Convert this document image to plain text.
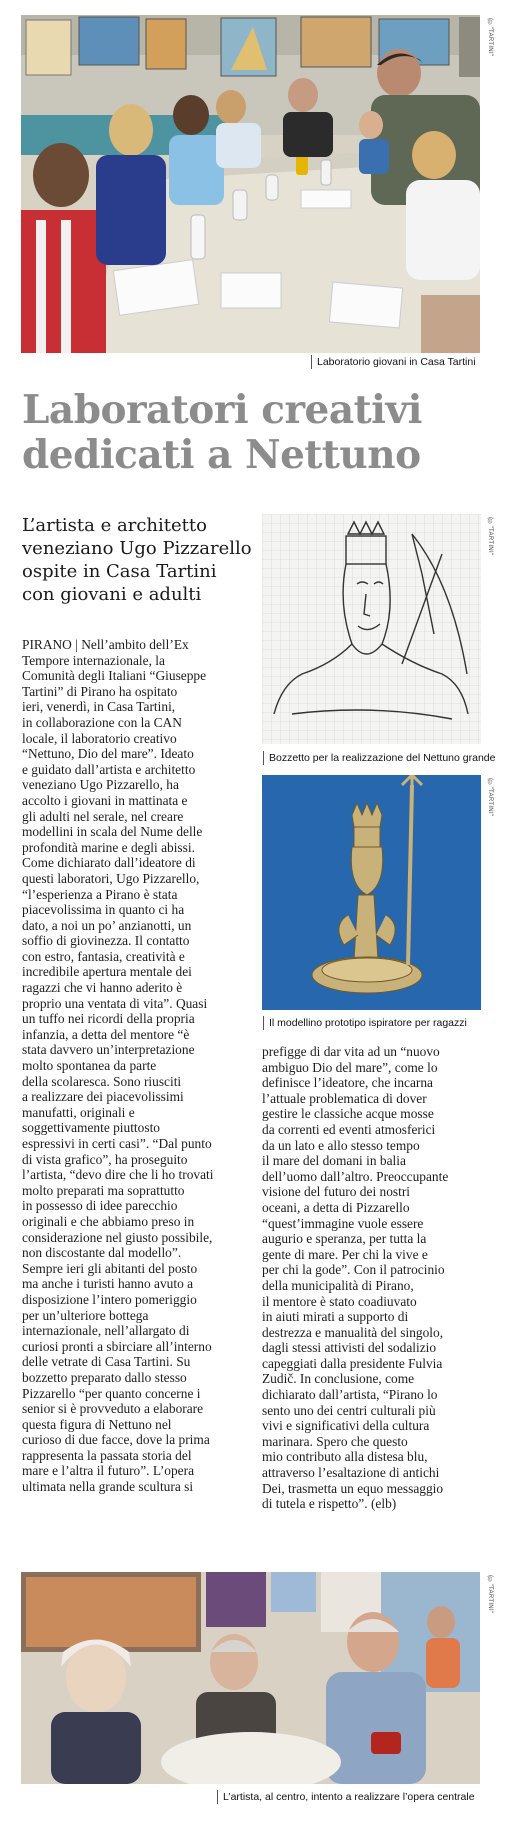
(©"TARTINI"
Laboratorio giovani in Casa Tartini
Laboratori creativi dedicati a Nettuno
L’artista e architetto veneziano Ugo Pizzarello ospite in Casa Tartini con giovani e adulti
(©"TARTINI"
Bozzetto per la realizzazione del Nettuno grande
(©"TARTINI"
Il modellino prototipo ispiratore per ragazzi

PIRANO | Nell’ambito dell’Ex

Tempore internazionale, la

Comunità degli Italiani “Giuseppe

Tartini” di Pirano ha ospitato

ieri, venerdì, in Casa Tartini,

in collaborazione con la CAN

locale, il laboratorio creativo

“Nettuno, Dio del mare”. Ideato

e guidato dall’artista e architetto

veneziano Ugo Pizzarello, ha

accolto i giovani in mattinata e

gli adulti nel serale, nel creare

modellini in scala del Nume delle

profondità marine e degli abissi.

Come dichiarato dall’ideatore di

questi laboratori, Ugo Pizzarello,

“l’esperienza a Pirano è stata

piacevolissima in quanto ci ha

dato, a noi un po’ anzianotti, un

soffio di giovinezza. Il contatto

con estro, fantasia, creatività e

incredibile apertura mentale dei

ragazzi che vi hanno aderito è

proprio una ventata di vita”. Quasi

un tuffo nei ricordi della propria

infanzia, a detta del mentore “è

stata davvero un’interpretazione

molto spontanea da parte

della scolaresca. Sono riusciti

a realizzare dei piacevolissimi

manufatti, originali e

soggettivamente piuttosto

espressivi in certi casi”. “Dal punto

di vista grafico”, ha proseguito

l’artista, “devo dire che li ho trovati

molto preparati ma soprattutto

in possesso di idee parecchio

originali e che abbiamo preso in

considerazione nel giusto possibile,

non discostante dal modello”.

Sempre ieri gli abitanti del posto

ma anche i turisti hanno avuto a

disposizione l’intero pomeriggio

per un’ulteriore bottega

internazionale, nell’allargato di

curiosi pronti a sbirciare all’interno

delle vetrate di Casa Tartini. Su

bozzetto preparato dallo stesso

Pizzarello “per quanto concerne i

senior si è provveduto a elaborare

questa figura di Nettuno nel

curioso di due facce, dove la prima

rappresenta la passata storia del

mare e l’altra il futuro”. L’opera

ultimata nella grande scultura si

prefigge di dar vita ad un “nuovo

ambiguo Dio del mare”, come lo

definisce l’ideatore, che incarna

l’attuale problematica di dover

gestire le classiche acque mosse

da correnti ed eventi atmosferici

da un lato e allo stesso tempo

il mare del domani in balia

dell’uomo dall’altro. Preoccupante

visione del futuro dei nostri

oceani, a detta di Pizzarello

“quest’immagine vuole essere

augurio e speranza, per tutta la

gente di mare. Per chi la vive e

per chi la gode”. Con il patrocinio

della municipalità di Pirano,

il mentore è stato coadiuvato

in aiuti mirati a supporto di

destrezza e manualità del singolo,

dagli stessi attivisti del sodalizio

capeggiati dalla presidente Fulvia

Zudič. In conclusione, come

dichiarato dall’artista, “Pirano lo

sento uno dei centri culturali più

vivi e significativi della cultura

marinara. Spero che questo

mio contributo alla distesa blu,

attraverso l’esaltazione di antichi

Dei, trasmetta un equo messaggio

di tutela e rispetto”. (elb)

(©"TARTINI"
L’artista, al centro, intento a realizzare l’opera centrale
